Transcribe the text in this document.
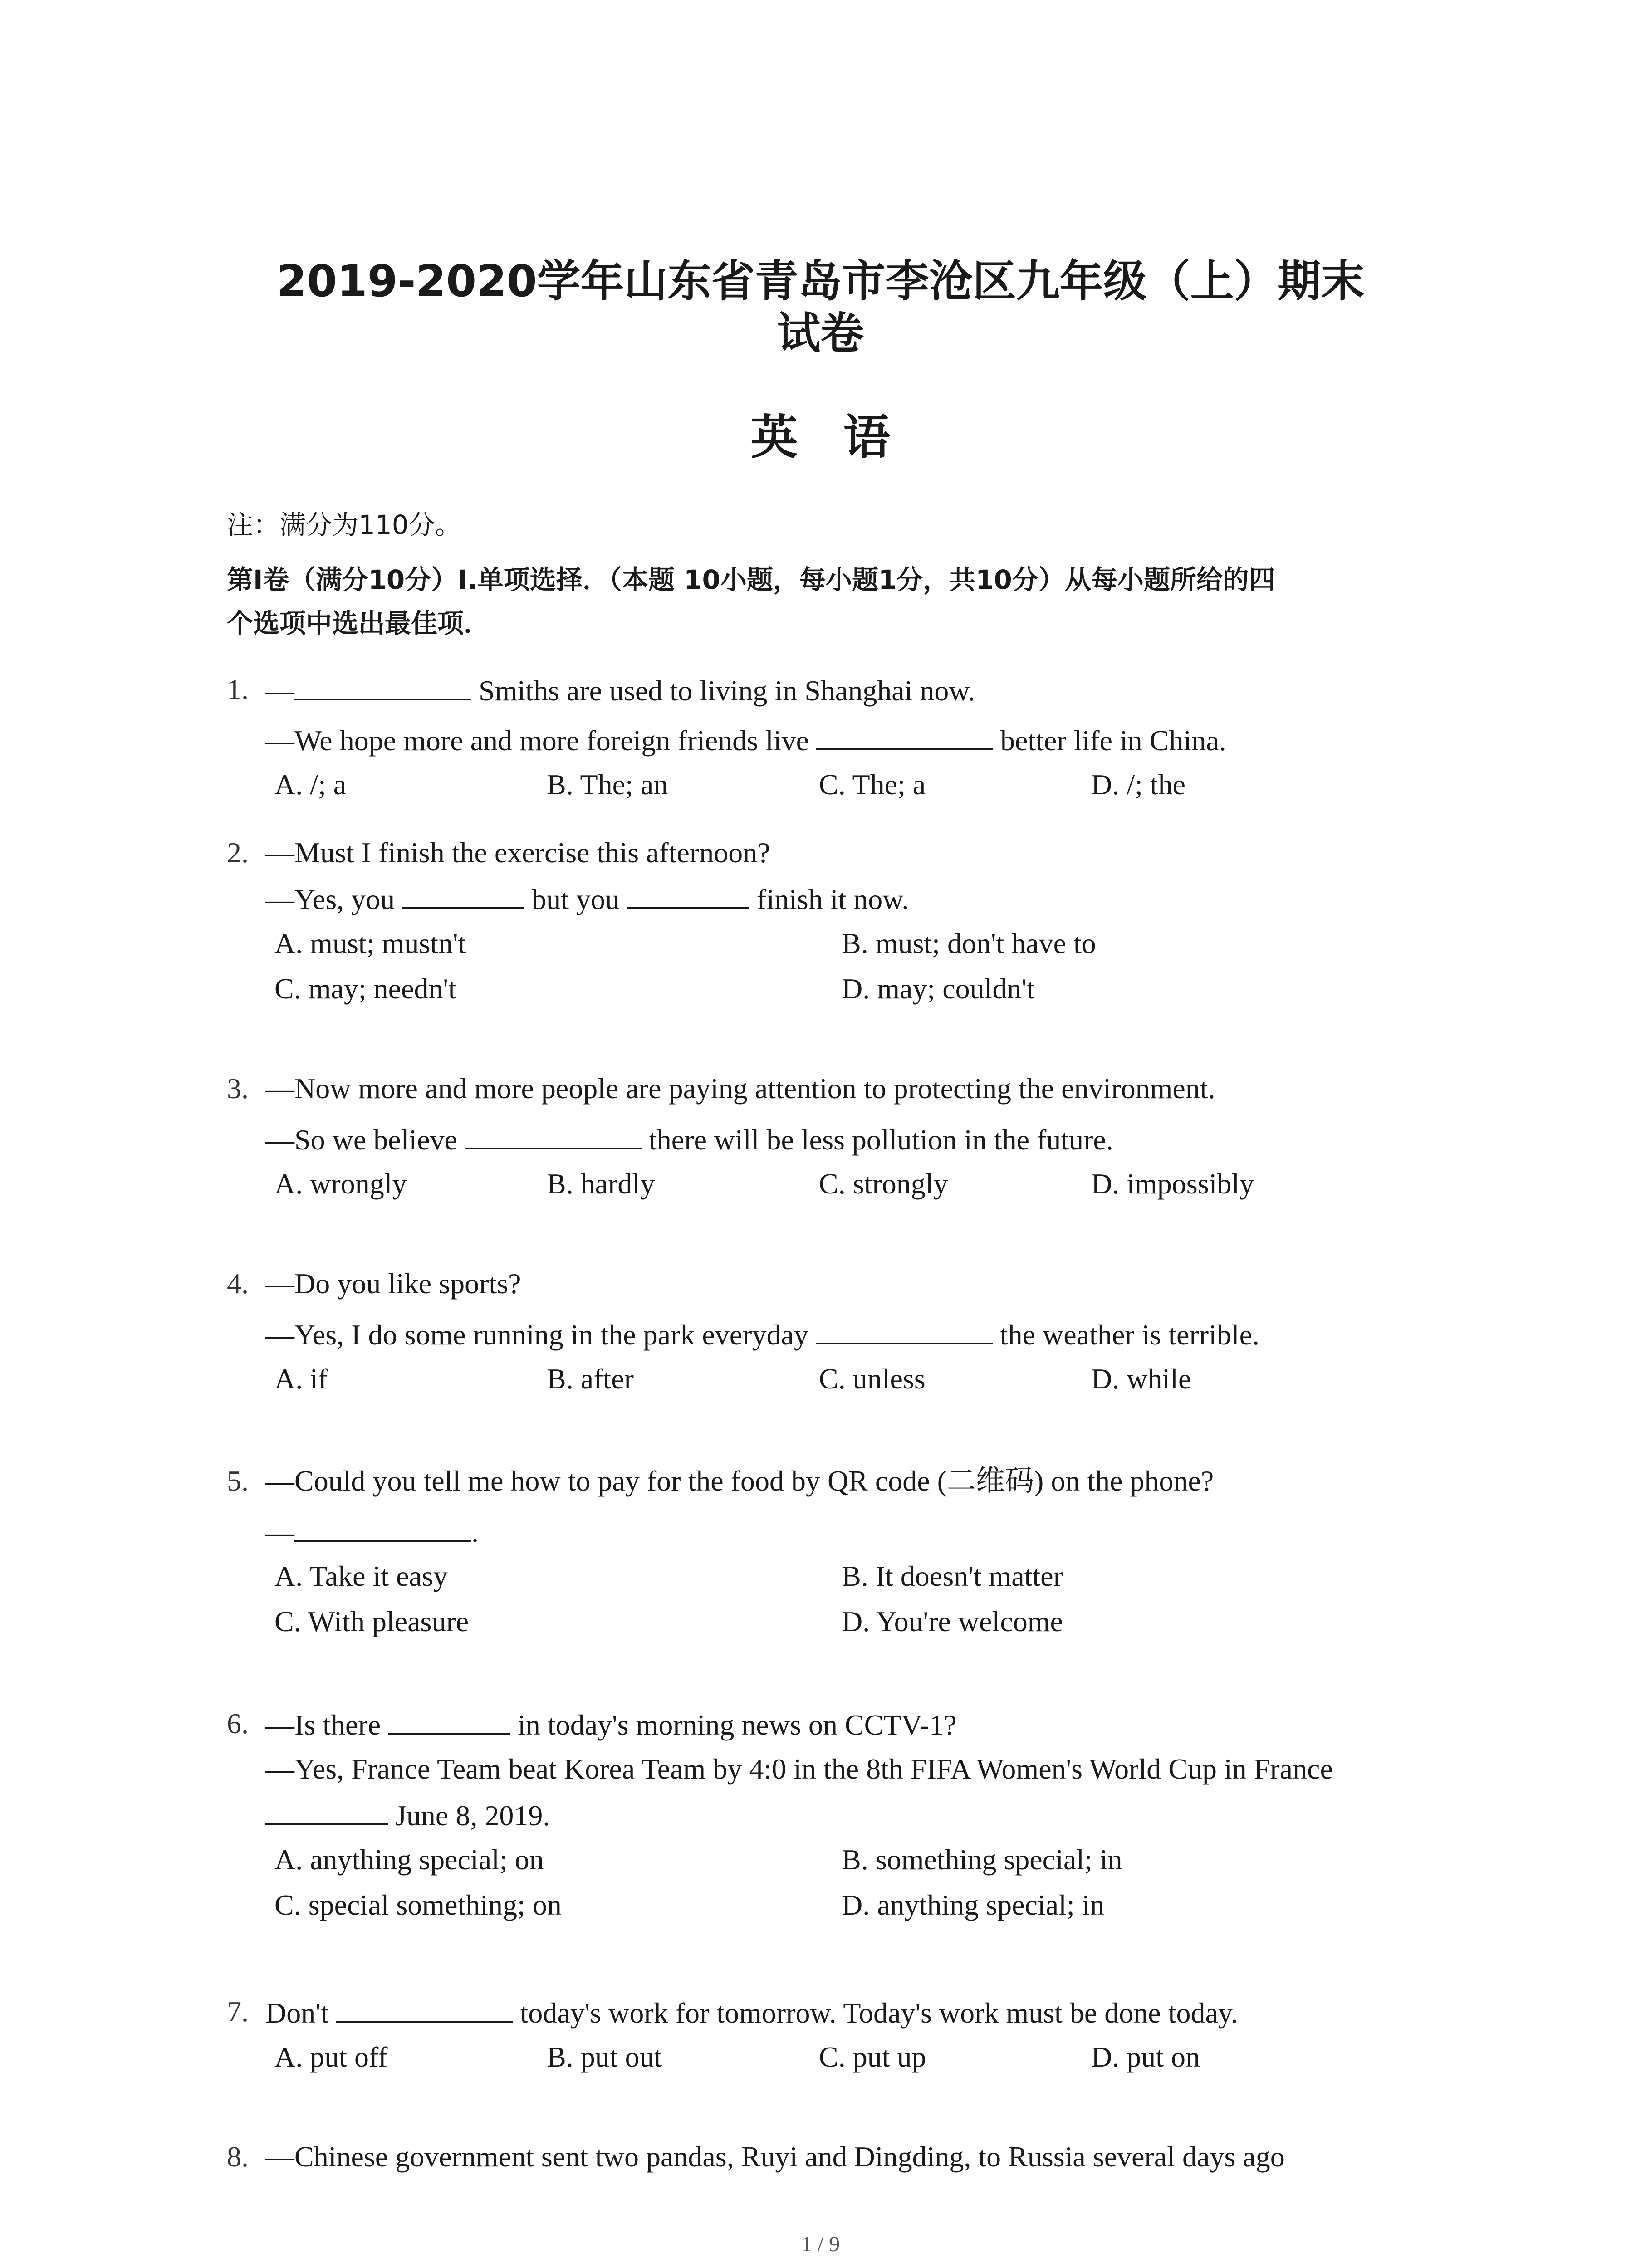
2019-2020学年山东省青岛市李沧区九年级（上）期末
试卷
英语
注：满分为110分。
第Ⅰ卷（满分10分）Ⅰ.单项选择．（本题 10小题，每小题1分，共10分）从每小题所给的四
个选项中选出最佳项．
1. —	Smiths are used to living in Shanghai now.
—We hope more and more foreign friends live	better life in China.
A. /; a	B. The; an	C. The; a	D. /; the
2. —Must I finish the exercise this afternoon?
—Yes, you	but you	finish it now.
A. must; mustn't	B. must; don't have to
C. may; needn't	D. may; couldn't
3. —Now more and more people are paying attention to protecting the environment.
—So we believe	there will be less pollution in the future.
A. wrongly	B. hardly	C. strongly	D. impossibly
4. —Do you like sports?
—Yes, I do some running in the park everyday	the weather is terrible.
A. if	B. after	C. unless	D. while
5. —Could you tell me how to pay for the food by QR code (二维码) on the phone?
—	.
A. Take it easy	B. It doesn't matter
C. With pleasure	D. You're welcome
6. —Is there	in today's morning news on CCTV-1?
—Yes, France Team beat Korea Team by 4:0 in the 8th FIFA Women's World Cup in France
June 8, 2019.
A. anything special; on	B. something special; in
C. special something; on	D. anything special; in
7. Don't	today's work for tomorrow. Today's work must be done today.
A. put off	B. put out	C. put up	D. put on
8. —Chinese government sent two pandas, Ruyi and Dingding, to Russia several days ago
1 / 9
